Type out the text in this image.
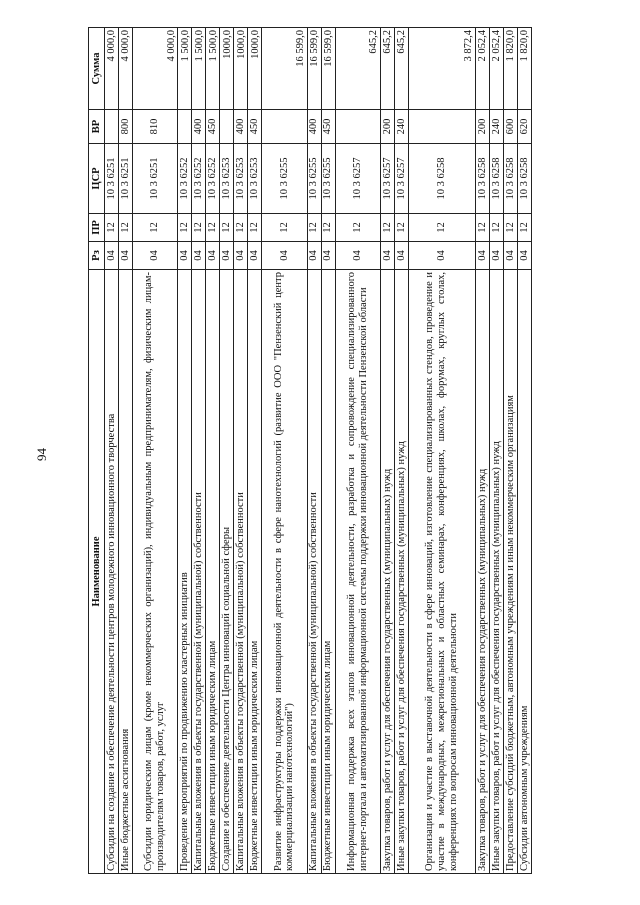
94
Наименование	Рз	ПР	ЦСР	ВР	Сумма
Субсидии на создание и обеспечение деятельности центров молодежного инновационного творчества	04	12	10 3 6251		4 000,0
Иные бюджетные ассигнования	04	12	10 3 6251	800	4 000,0
Субсидии юридическим лицам (кроме некоммерческих организаций), индивидуальным предпринимателям, физическим лицам-производителям товаров, работ, услуг	04	12	10 3 6251	810	4 000,0
Проведение мероприятий по продвижению кластерных инициатив	04	12	10 3 6252		1 500,0
Капитальные вложения в объекты государственной (муниципальной) собственности	04	12	10 3 6252	400	1 500,0
Бюджетные инвестиции иным юридическим лицам	04	12	10 3 6252	450	1 500,0
Создание и обеспечение деятельности Центра инноваций социальной сферы	04	12	10 3 6253		1000,0
Капитальные вложения в объекты государственной (муниципальной) собственности	04	12	10 3 6253	400	1000,0
Бюджетные инвестиции иным юридическим лицам	04	12	10 3 6253	450	1000,0
Развитие инфраструктуры поддержки инновационной деятельности в сфере нанотехнологий (развитие ООО "Пензенский центр коммерциализации нанотехнологий")	04	12	10 3 6255		16 599,0
Капитальные вложения в объекты государственной (муниципальной) собственности	04	12	10 3 6255	400	16 599,0
Бюджетные инвестиции иным юридическим лицам	04	12	10 3 6255	450	16 599,0
Информационная поддержка всех этапов инновационной деятельности, разработка и сопровождение специализированного интернет-портала и автоматизированной информационной системы поддержки инновационной деятельности Пензенской области	04	12	10 3 6257		645,2
Закупка товаров, работ и услуг для обеспечения государственных (муниципальных) нужд	04	12	10 3 6257	200	645,2
Иные закупки товаров, работ и услуг для обеспечения государственных (муниципальных) нужд	04	12	10 3 6257	240	645,2
Организация и участие в выставочной деятельности в сфере инноваций, изготовление специализированных стендов, проведение и участие в международных, межрегиональных и областных семинарах, конференциях, школах, форумах, круглых столах, конференциях по вопросам инновационной деятельности	04	12	10 3 6258		3 872,4
Закупка товаров, работ и услуг для обеспечения государственных (муниципальных) нужд	04	12	10 3 6258	200	2 052,4
Иные закупки товаров, работ и услуг для обеспечения государственных (муниципальных) нужд	04	12	10 3 6258	240	2 052,4
Предоставление субсидий бюджетным, автономным учреждениям и иным некоммерческим организациям	04	12	10 3 6258	600	1 820,0
Субсидии автономным учреждениям	04	12	10 3 6258	620	1 820,0
